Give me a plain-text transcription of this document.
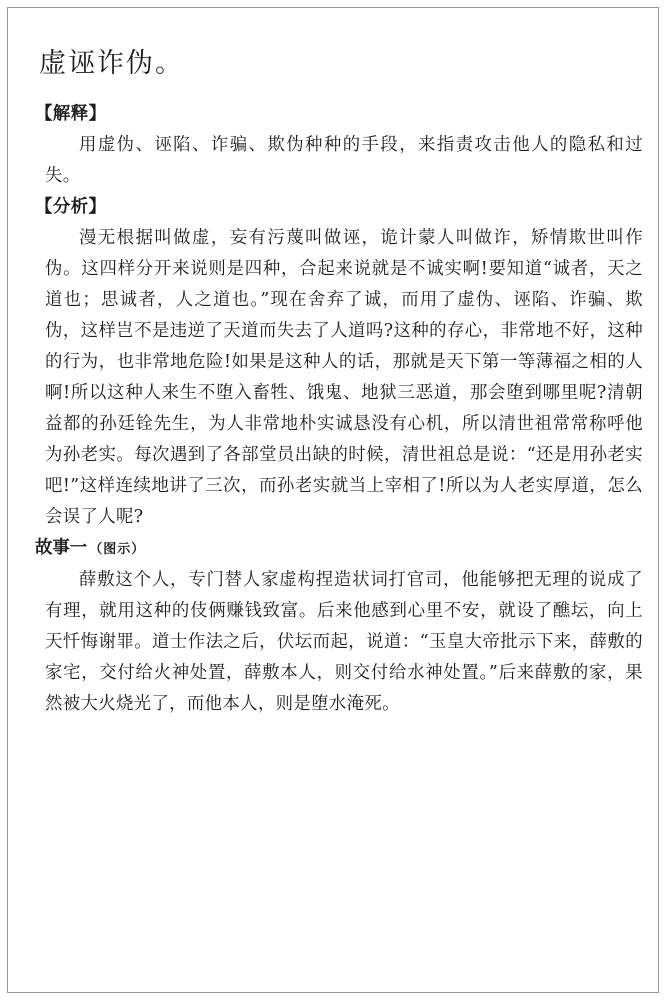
虚诬诈伪。
【解释】

用虚伪、诬陷、诈骗、欺伪种种的手段，来指责攻击他人的隐私和过失。

【分析】

漫无根据叫做虚，妄有污蔑叫做诬，诡计蒙人叫做诈，矫情欺世叫作伪。这四样分开来说则是四种，合起来说就是不诚实啊!要知道“诚者，天之道也；思诚者，人之道也。”现在舍弃了诚，而用了虚伪、诬陷、诈骗、欺伪，这样岂不是违逆了天道而失去了人道吗?这种的存心，非常地不好，这种的行为，也非常地危险!如果是这种人的话，那就是天下第一等薄福之相的人啊!所以这种人来生不堕入畜牲、饿鬼、地狱三恶道，那会堕到哪里呢?清朝益都的孙廷铨先生，为人非常地朴实诚恳没有心机，所以清世祖常常称呼他为孙老实。每次遇到了各部堂员出缺的时候，清世祖总是说：“还是用孙老实吧!”这样连续地讲了三次，而孙老实就当上宰相了!所以为人老实厚道，怎么会误了人呢?

故事一 （图示）

薛敷这个人，专门替人家虚构捏造状词打官司，他能够把无理的说成了有理，就用这种的伎俩赚钱致富。后来他感到心里不安，就设了醮坛，向上天忏悔谢罪。道士作法之后，伏坛而起，说道：“玉皇大帝批示下来，薛敷的家宅，交付给火神处置，薛敷本人，则交付给水神处置。”后来薛敷的家，果然被大火烧光了，而他本人，则是堕水淹死。
